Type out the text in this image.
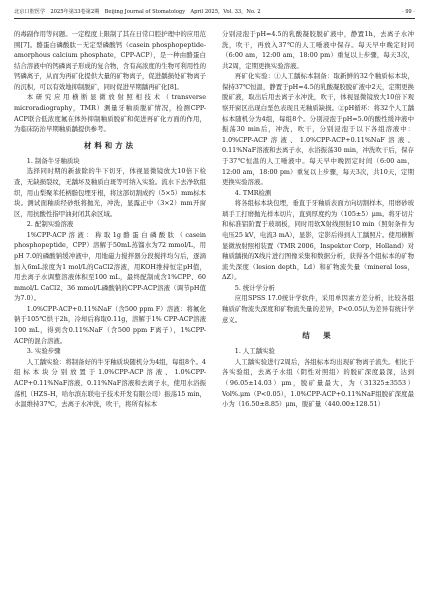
北京口腔医学　2025年第33卷第2期　Beijing Journal of Stomatology　April 2025，Vol. 33，No. 2	· 99 ·

的毒副作用等问题。一定程度上限制了其在日常口腔护理中的应用范围[7]。酪蛋白磷酸肽－无定型磷酸钙（casein phosphopeptide-amorphous calcium phosphate，CPP-ACP），是一种由酪蛋白结合溶液中的钙磷离子形成的复合物，含有高浓度的生物可利用性的钙磷离子，从而为再矿化提供大量的矿物离子，促进龋损处矿物离子的沉积，可以有效地抑制脱矿，同时促进早期龋再矿化[8]。

本研究应用横断显微放射照相技术（transverse microradiography，TMR）测量牙釉质脱矿情况，检测CPP-ACP联合低浓度氟在体外抑制釉质脱矿和促进再矿化方面的作用，为临床防治早期釉质龋提供参考。

材料和方法
1. 制备牛牙釉质块

选择同时期的新拔除的牛下切牙，体视显微镜放大10倍下检查，无缺损裂纹，无龋坏及釉质白斑等可纳入实验。流水下去净软组织，用山梨聚苯托柄脂包埋牙根，将这部切割成约（5×5）mm标本块。测试面釉质经砂纸将抛光，冲洗，显露正中（3×2）mm开窗区，用抗酸性指甲油封闭其余区域。

2. 配制实验溶液

1%CPP-ACP溶液：称取1g酪蛋白磷酸肽（casein phosphopeptide，CPP）溶解于50mL蒸馏水为72 mmol/L，用pH 7.0的磷酸钠缓冲液中，用地磁力搅拌器分段搅拌均匀后，逐滴加入6mL浓度为1 mol/L的CaCl2溶液，用KOH维持恒定pH值，用去离子水调整溶液体积至100 mL，最终配制成含1%CPP、60 mmol/L CaCl2、36 mmol/L磷酸钠的CPP-ACP溶液（调节pH值为7.0）。

1.0%CPP-ACP+0.11%NaF（含500 ppm F）溶液：将氟化钠于105℃烘干2h，冷却后称取0.11g，溶解于1% CPP-ACP溶液100 mL，得到含0.11%NaF（含500 ppm F离子），1%CPP-ACP的混合溶液。

3. 实验步骤

人工龋实验：将制备好的牛牙釉质块随机分为4组，每组8个。4组标本块分别放置于1.0%CPP-ACP溶液、1.0%CPP-ACP+0.11%NaF溶液、0.11%NaF溶液和去离子水，使用水浴振荡机（HZS-H，哈尔滨东联电子技术开发有限公司）振荡15 min，水温维持37℃，去离子水冲洗，吹干，将所有标本

分别浸泡于pH=4.5的乳酸凝胶脱矿液中，静置1h，去离子水冲洗，吹干，再放入37℃的人工唾液中保存。每天早中晚定时同（6:00 am，12:00 am，18:00 pm）重复以上步骤，每天3次，共2周，定期更换实验溶液。

再矿化实验：①人工龋标本制备：取新鲜的32个釉质标本块，保持37℃恒温，静置于pH=4.5的乳酸凝胶脱矿液中2天，定期更换脱矿液，取出后用去离子水冲洗，吹干，体视显微镜放大10倍下观察开窗区出现白垩色表现且无釉质缺损。②pH循环：将32个人工龋标本随机分为4组，每组8个。分别浸泡于pH=5.0的酸性缓冲液中振荡30 min后，冲洗，吹干，分别浸泡于以下各组溶液中：1.0%CPP-ACP溶液、1.0%CPP-ACP+0.11%NaF溶液、0.11%NaF溶液和去离子水，水浴振荡30 min，冲洗吹干后，保存于37℃恒温的人工唾液中。每天早中晚固定时间（6:00 am，12:00 am，18:00 pm）重复以上步骤，每天3次，共10天，定期更换实验溶液。

4. TMR检测

将各组标本块包埋，垂直于牙釉质表面方向切割样本，用磨砂玻璃手工打磨抛光样本切片，直到厚度约为（105±5）μm。将牙切片和标准铝阶置于玻璃板，同时用软X射线照射10 min（照射条件为电压25 kV，电流3 mA），显影，定影后得到人工龋照片。使用横断显微放射照相装置（TMR 2006，Inspektor Corp，Holland）对釉质龋损的X线片进行图像采集和数据分析，获得各个组标本的矿物流失深度（lesion depth，Ld）和矿物流失量（mineral loss，ΔZ）。

5. 统计学分析

应用SPSS 17.0统计学软件，采用单因素方差分析，比较各组釉质矿物流失深度和矿物流失量的差异，P<0.05认为差异有统计学意义。

结　果
1. 人工龋实验

人工龋实验进行2周后，各组标本均出现矿物离子流失。相比于各实验组，去离子水组（阴性对照组）的脱矿深度最深，达到（96.05±14.03）μm，脱矿量最大，为（31325±3553）Vol%.μm（P<0.05），1.0%CPP-ACP+0.11%NaF组脱矿深度最小为（16.50±8.85）μm，脱矿量（440.00±128.51）
